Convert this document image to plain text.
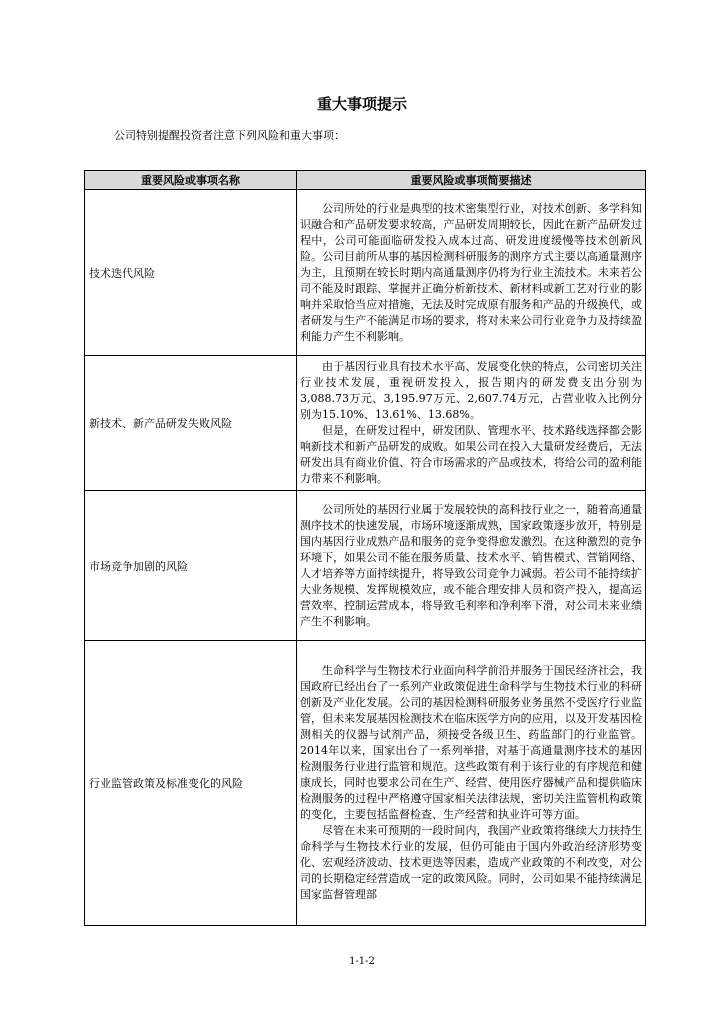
重大事项提示
公司特别提醒投资者注意下列风险和重大事项：
重要风险或事项名称	重要风险或事项简要描述
技术迭代风险	公司所处的行业是典型的技术密集型行业，对技术创新、多学科知识融合和产品研发要求较高，产品研发周期较长，因此在新产品研发过程中，公司可能面临研发投入成本过高、研发进度缓慢等技术创新风险。公司目前所从事的基因检测科研服务的测序方式主要以高通量测序为主，且预期在较长时期内高通量测序仍将为行业主流技术。未来若公司不能及时跟踪、掌握并正确分析新技术、新材料或新工艺对行业的影响并采取恰当应对措施，无法及时完成原有服务和产品的升级换代，或者研发与生产不能满足市场的要求，将对未来公司行业竞争力及持续盈利能力产生不利影响。

新技术、新产品研发失败风险	由于基因行业具有技术水平高、发展变化快的特点，公司密切关注行业技术发展，重视研发投入，报告期内的研发费支出分别为3,088.73万元、3,195.97万元、2,607.74万元，占营业收入比例分别为15.10%、13.61%、13.68%。

但是，在研发过程中，研发团队、管理水平、技术路线选择都会影响新技术和新产品研发的成败。如果公司在投入大量研发经费后，无法研发出具有商业价值、符合市场需求的产品或技术，将给公司的盈利能力带来不利影响。

市场竞争加剧的风险	公司所处的基因行业属于发展较快的高科技行业之一，随着高通量测序技术的快速发展，市场环境逐渐成熟，国家政策逐步放开，特别是国内基因行业成熟产品和服务的竞争变得愈发激烈。在这种激烈的竞争环境下，如果公司不能在服务质量、技术水平、销售模式、营销网络、人才培养等方面持续提升，将导致公司竞争力减弱。若公司不能持续扩大业务规模、发挥规模效应，或不能合理安排人员和资产投入，提高运营效率、控制运营成本，将导致毛利率和净利率下滑，对公司未来业绩产生不利影响。

行业监管政策及标准变化的风险	生命科学与生物技术行业面向科学前沿并服务于国民经济社会，我国政府已经出台了一系列产业政策促进生命科学与生物技术行业的科研创新及产业化发展。公司的基因检测科研服务业务虽然不受医疗行业监管，但未来发展基因检测技术在临床医学方向的应用，以及开发基因检测相关的仪器与试剂产品，须接受各级卫生、药监部门的行业监管。2014年以来，国家出台了一系列举措，对基于高通量测序技术的基因检测服务行业进行监管和规范。这些政策有利于该行业的有序规范和健康成长，同时也要求公司在生产、经营、使用医疗器械产品和提供临床检测服务的过程中严格遵守国家相关法律法规，密切关注监管机构政策的变化，主要包括监督检查、生产经营和执业许可等方面。

尽管在未来可预期的一段时间内，我国产业政策将继续大力扶持生命科学与生物技术行业的发展，但仍可能由于国内外政治经济形势变化、宏观经济波动、技术更迭等因素，造成产业政策的不利改变，对公司的长期稳定经营造成一定的政策风险。同时，公司如果不能持续满足国家监督管理部

1-1-2
